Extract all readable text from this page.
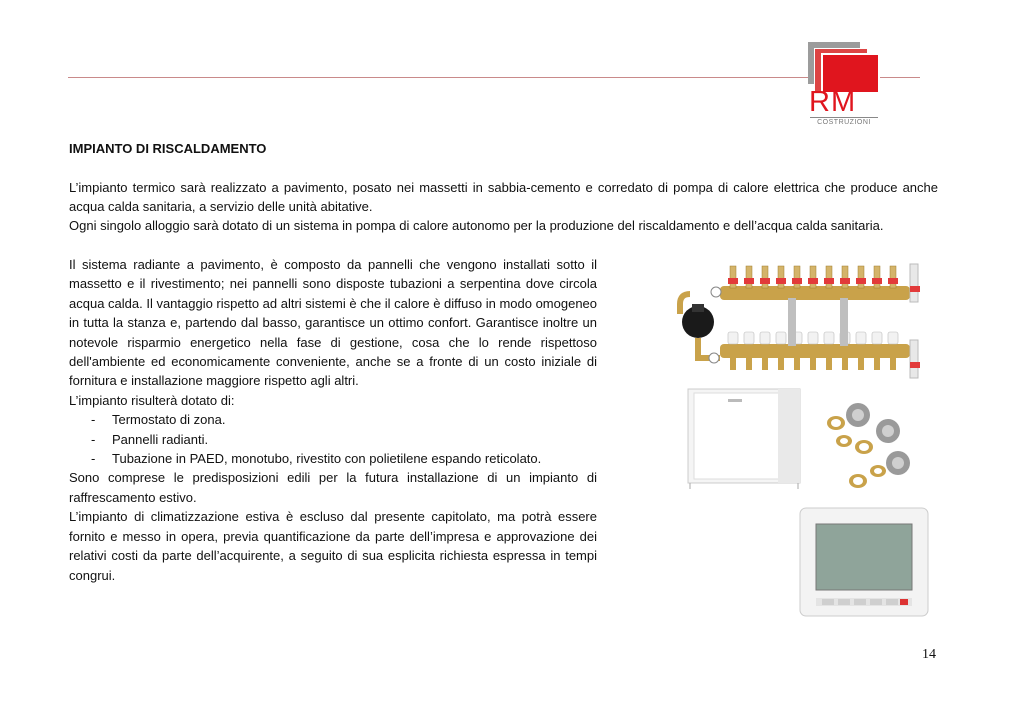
RM
COSTRUZIONI
IMPIANTO DI RISCALDAMENTO
L’impianto termico sarà realizzato a pavimento, posato nei massetti in sabbia-cemento e corredato di pompa di calore elettrica che produce anche acqua calda sanitaria, a servizio delle unità abitative.
Ogni singolo alloggio sarà dotato di un sistema in pompa di calore autonomo per la produzione del riscaldamento e dell’acqua calda sanitaria.

Il sistema radiante a pavimento, è composto da pannelli che vengono installati sotto il massetto e il rivestimento; nei pannelli sono disposte tubazioni a serpentina dove circola acqua calda. Il vantaggio rispetto ad altri sistemi è che il calore è diffuso in modo omogeneo in tutta la stanza e, partendo dal basso, garantisce un ottimo confort. Garantisce inoltre un notevole risparmio energetico nella fase di gestione, cosa che lo rende rispettoso dell'ambiente ed economicamente conveniente, anche se a fronte di un costo iniziale di fornitura e installazione maggiore rispetto agli altri.

L’impianto risulterà dotato di:

- Termostato di zona.
- Pannelli radianti.
- Tubazione in PAED, monotubo, rivestito con polietilene espando reticolato.

Sono comprese le predisposizioni edili per la futura installazione di un impianto di raffrescamento estivo.

L’impianto di climatizzazione estiva è escluso dal presente capitolato, ma potrà essere fornito e messo in opera, previa quantificazione da parte dell’impresa e approvazione dei relativi costi da parte dell’acquirente, a seguito di sua esplicita richiesta espressa in tempi congrui.

14
